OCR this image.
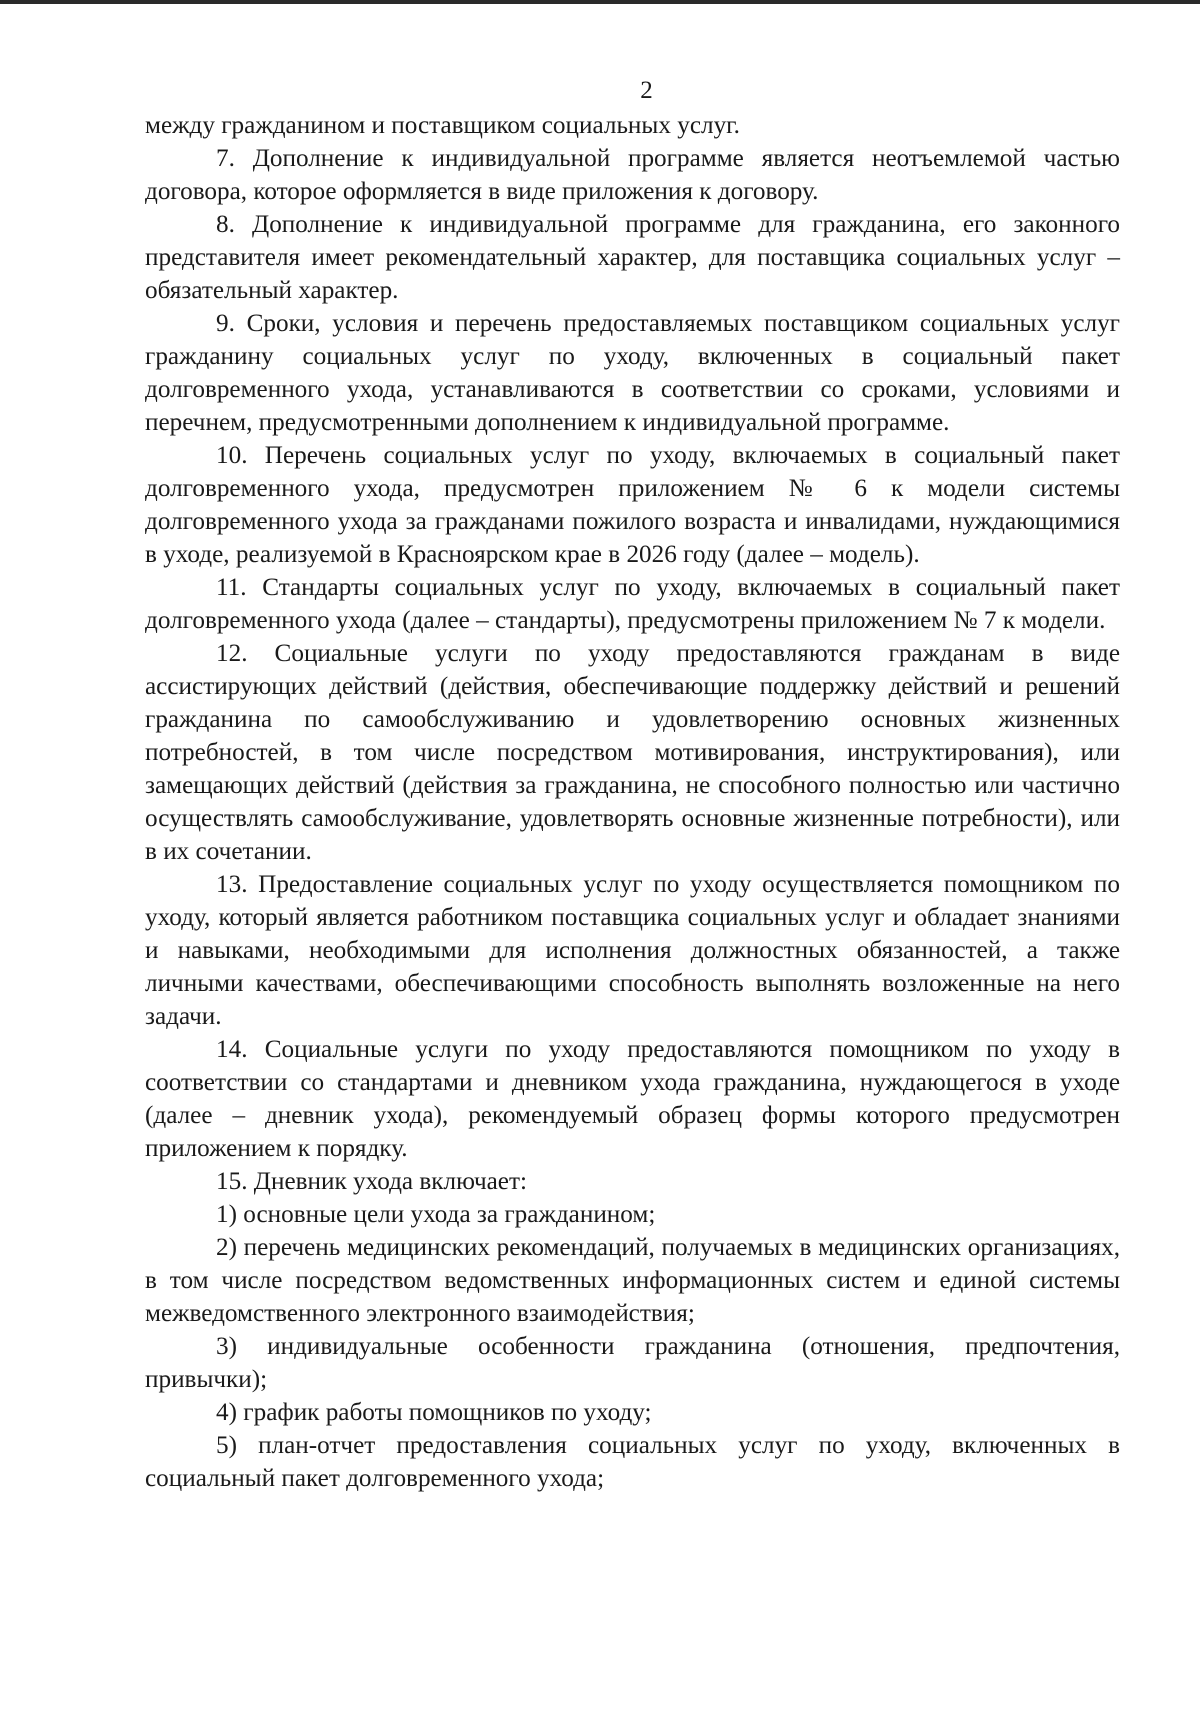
2

между гражданином и поставщиком социальных услуг.

7. Дополнение к индивидуальной программе является неотъемлемой частью договора, которое оформляется в виде приложения к договору.

8. Дополнение к индивидуальной программе для гражданина, его законного представителя имеет рекомендательный характер, для поставщика социальных услуг – обязательный характер.

9. Сроки, условия и перечень предоставляемых поставщиком социальных услуг гражданину социальных услуг по уходу, включенных в социальный пакет долговременного ухода, устанавливаются в соответствии со сроками, условиями и перечнем, предусмотренными дополнением к индивидуальной программе.

10. Перечень социальных услуг по уходу, включаемых в социальный пакет долговременного ухода, предусмотрен приложением № 6 к модели системы долговременного ухода за гражданами пожилого возраста и инвалидами, нуждающимися в уходе, реализуемой в Красноярском крае в 2026 году (далее – модель).

11. Стандарты социальных услуг по уходу, включаемых в социальный пакет долговременного ухода (далее – стандарты), предусмотрены приложением № 7 к модели.

12. Социальные услуги по уходу предоставляются гражданам в виде ассистирующих действий (действия, обеспечивающие поддержку действий и решений гражданина по самообслуживанию и удовлетворению основных жизненных потребностей, в том числе посредством мотивирования, инструктирования), или замещающих действий (действия за гражданина, не способного полностью или частично осуществлять самообслуживание, удовлетворять основные жизненные потребности), или в их сочетании.

13. Предоставление социальных услуг по уходу осуществляется помощником по уходу, который является работником поставщика социальных услуг и обладает знаниями и навыками, необходимыми для исполнения должностных обязанностей, а также личными качествами, обеспечивающими способность выполнять возложенные на него задачи.

14. Социальные услуги по уходу предоставляются помощником по уходу в соответствии со стандартами и дневником ухода гражданина, нуждающегося в уходе (далее – дневник ухода), рекомендуемый образец формы которого предусмотрен приложением к порядку.

15. Дневник ухода включает:

1) основные цели ухода за гражданином;

2) перечень медицинских рекомендаций, получаемых в медицинских организациях, в том числе посредством ведомственных информационных систем и единой системы межведомственного электронного взаимодействия;

3) индивидуальные особенности гражданина (отношения, предпочтения, привычки);

4) график работы помощников по уходу;

5) план-отчет предоставления социальных услуг по уходу, включенных в социальный пакет долговременного ухода;
